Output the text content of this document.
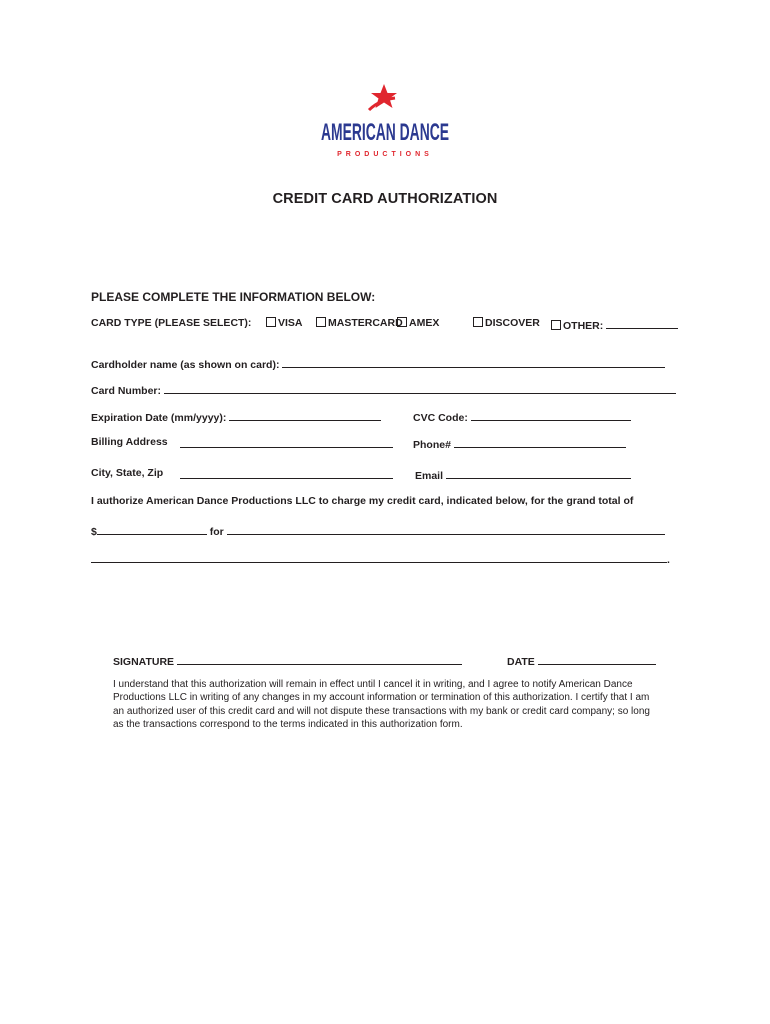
AMERICAN DANCE
PRODUCTIONS
CREDIT CARD AUTHORIZATION
PLEASE COMPLETE THE INFORMATION BELOW:
CARD TYPE (PLEASE SELECT):	VISA	MASTERCARD AMEX	DISCOVER	OTHER:
Cardholder name (as shown on card):
Card Number:
Expiration Date (mm/yyyy):	CVC Code:
Billing Address	Phone#
City, State, Zip	Email
I authorize American Dance Productions LLC to charge my credit card, indicated below, for the grand total of
$	for
.
SIGNATURE	DATE
I understand that this authorization will remain in effect until I cancel it in writing, and I agree to notify American Dance Productions LLC in writing of any changes in my account information or termination of this authorization. I certify that I am an authorized user of this credit card and will not dispute these transactions with my bank or credit card company; so long as the transactions correspond to the terms indicated in this authorization form.
